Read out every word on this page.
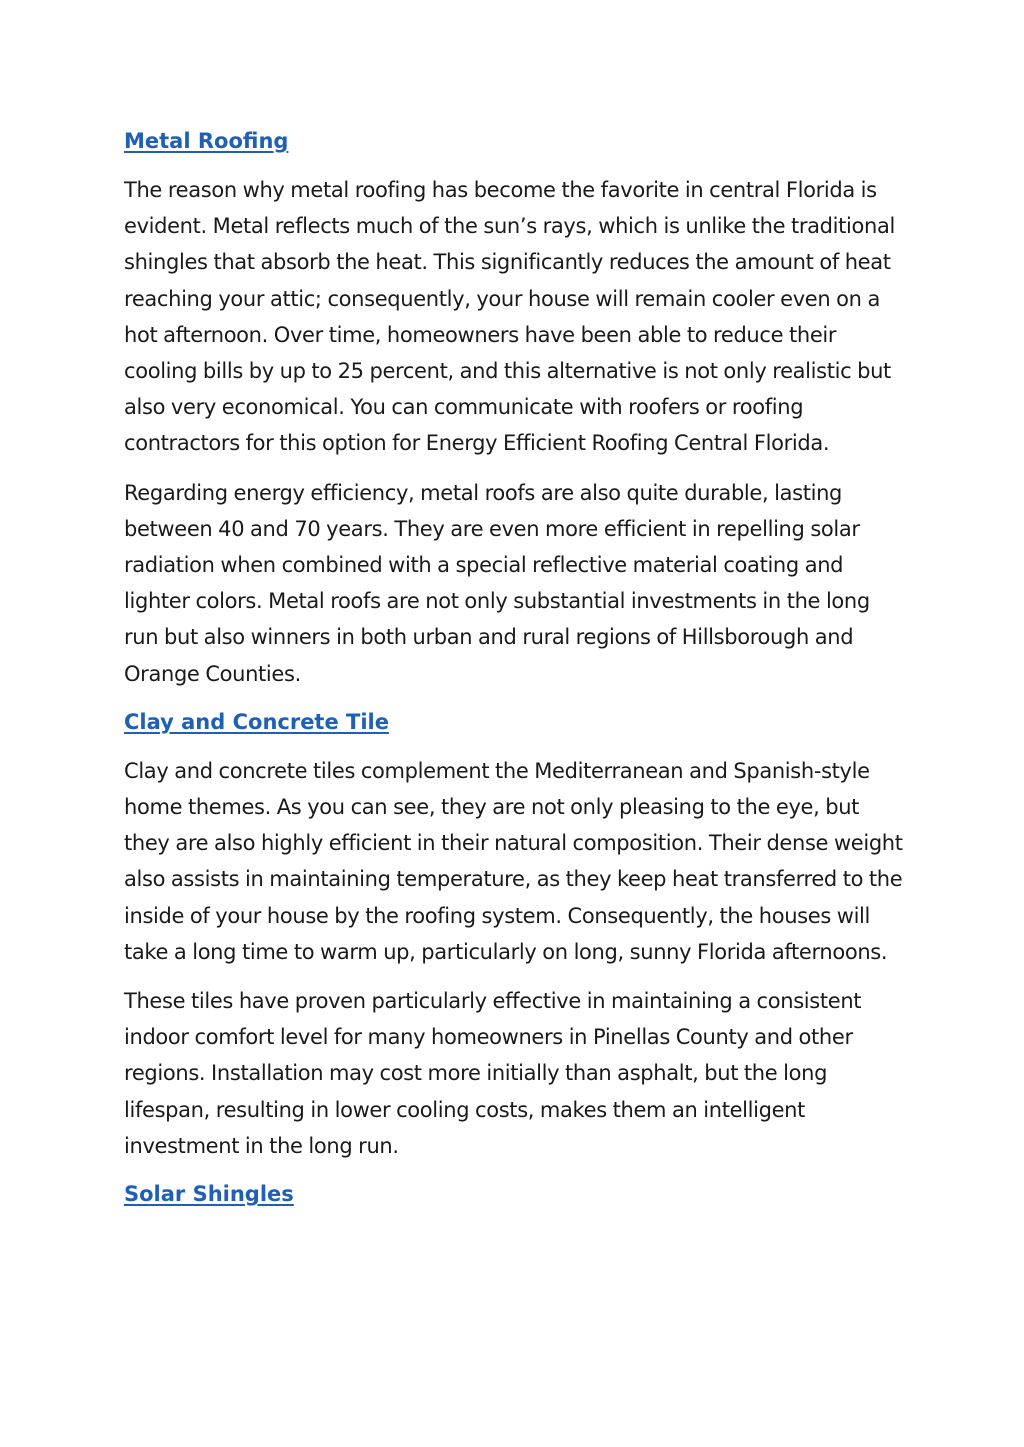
Metal Roofing

The reason why metal roofing has become the favorite in central Florida is evident. Metal reflects much of the sun’s rays, which is unlike the traditional shingles that absorb the heat. This significantly reduces the amount of heat reaching your attic; consequently, your house will remain cooler even on a hot afternoon. Over time, homeowners have been able to reduce their cooling bills by up to 25 percent, and this alternative is not only realistic but also very economical. You can communicate with roofers or roofing contractors for this option for Energy Efficient Roofing Central Florida.

Regarding energy efficiency, metal roofs are also quite durable, lasting between 40 and 70 years. They are even more efficient in repelling solar radiation when combined with a special reflective material coating and lighter colors. Metal roofs are not only substantial investments in the long run but also winners in both urban and rural regions of Hillsborough and Orange Counties.

Clay and Concrete Tile

Clay and concrete tiles complement the Mediterranean and Spanish-style home themes. As you can see, they are not only pleasing to the eye, but they are also highly efficient in their natural composition. Their dense weight also assists in maintaining temperature, as they keep heat transferred to the inside of your house by the roofing system. Consequently, the houses will take a long time to warm up, particularly on long, sunny Florida afternoons.

These tiles have proven particularly effective in maintaining a consistent indoor comfort level for many homeowners in Pinellas County and other regions. Installation may cost more initially than asphalt, but the long lifespan, resulting in lower cooling costs, makes them an intelligent investment in the long run.

Solar Shingles
